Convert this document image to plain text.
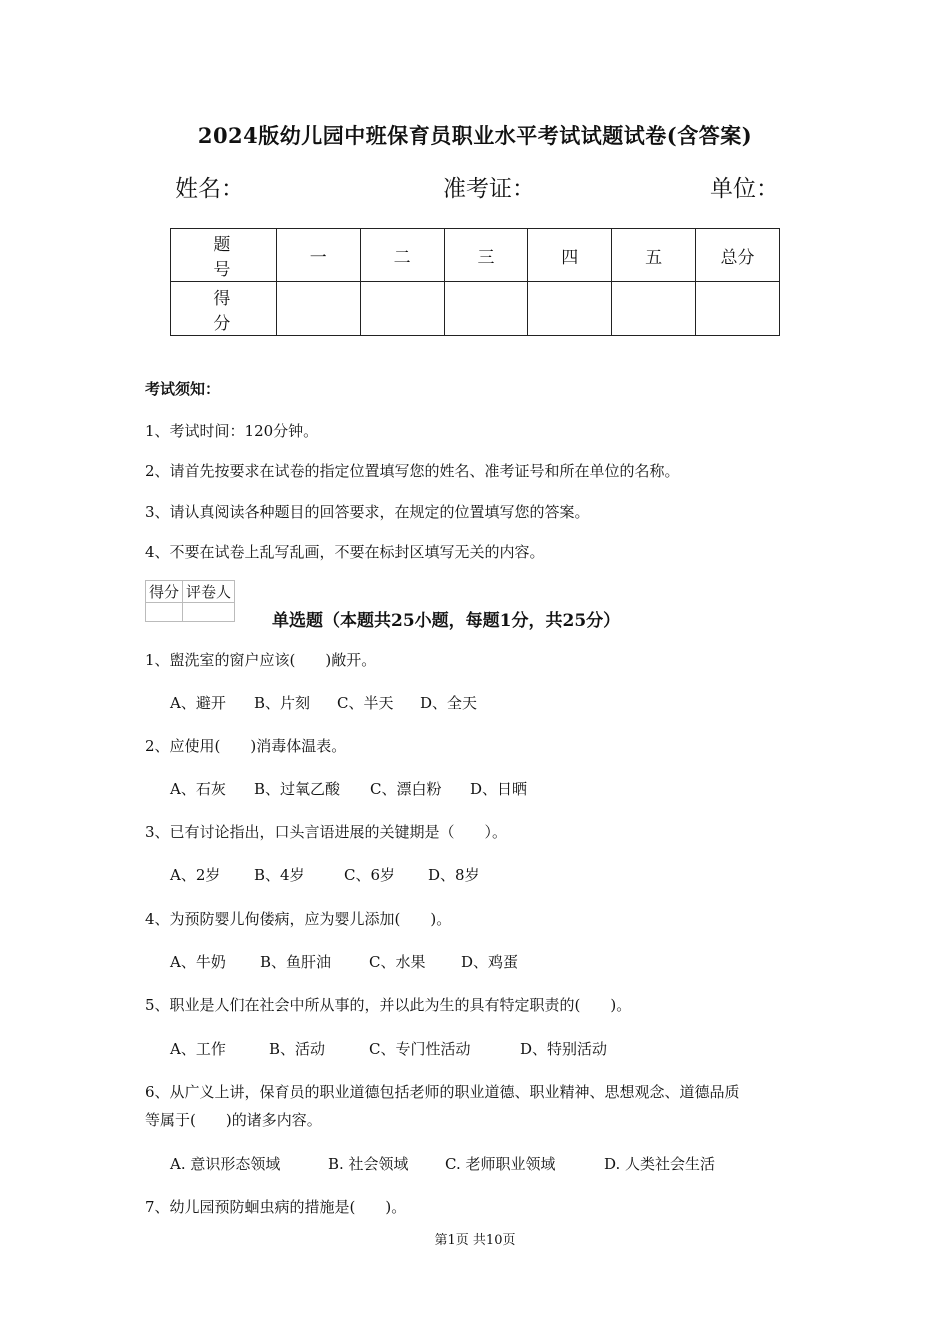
2024版幼儿园中班保育员职业水平考试试题试卷(含答案)
姓名：	准考证：	单位：
题　号	一	二	三	四	五	总分
得　分						
考试须知：
1、考试时间：120分钟。
2、请首先按要求在试卷的指定位置填写您的姓名、准考证号和所在单位的名称。
3、请认真阅读各种题目的回答要求，在规定的位置填写您的答案。
4、不要在试卷上乱写乱画，不要在标封区填写无关的内容。
得分	评卷人

单选题（本题共25小题，每题1分，共25分）
1、盥洗室的窗户应该(　　)敞开。
A、避开 B、片刻 C、半天 D、全天
2、应使用(　　)消毒体温表。
A、石灰 B、过氧乙酸 C、漂白粉 D、日晒
3、已有讨论指出，口头言语进展的关键期是（　　）。
A、2岁 B、4岁	C、6岁 D、8岁
4、为预防婴儿佝偻病，应为婴儿添加(　　)。
A、牛奶 B、鱼肝油	C、水果 D、鸡蛋
5、职业是人们在社会中所从事的，并以此为生的具有特定职责的(　　)。
A、工作	B、活动	C、专门性活动	D、特别活动
6、从广义上讲，保育员的职业道德包括老师的职业道德、职业精神、思想观念、道德品质
等属于(　　)的诸多内容。
A. 意识形态领域	B. 社会领域 C. 老师职业领域	D. 人类社会生活
7、幼儿园预防蛔虫病的措施是(　　)。
第1页 共10页
